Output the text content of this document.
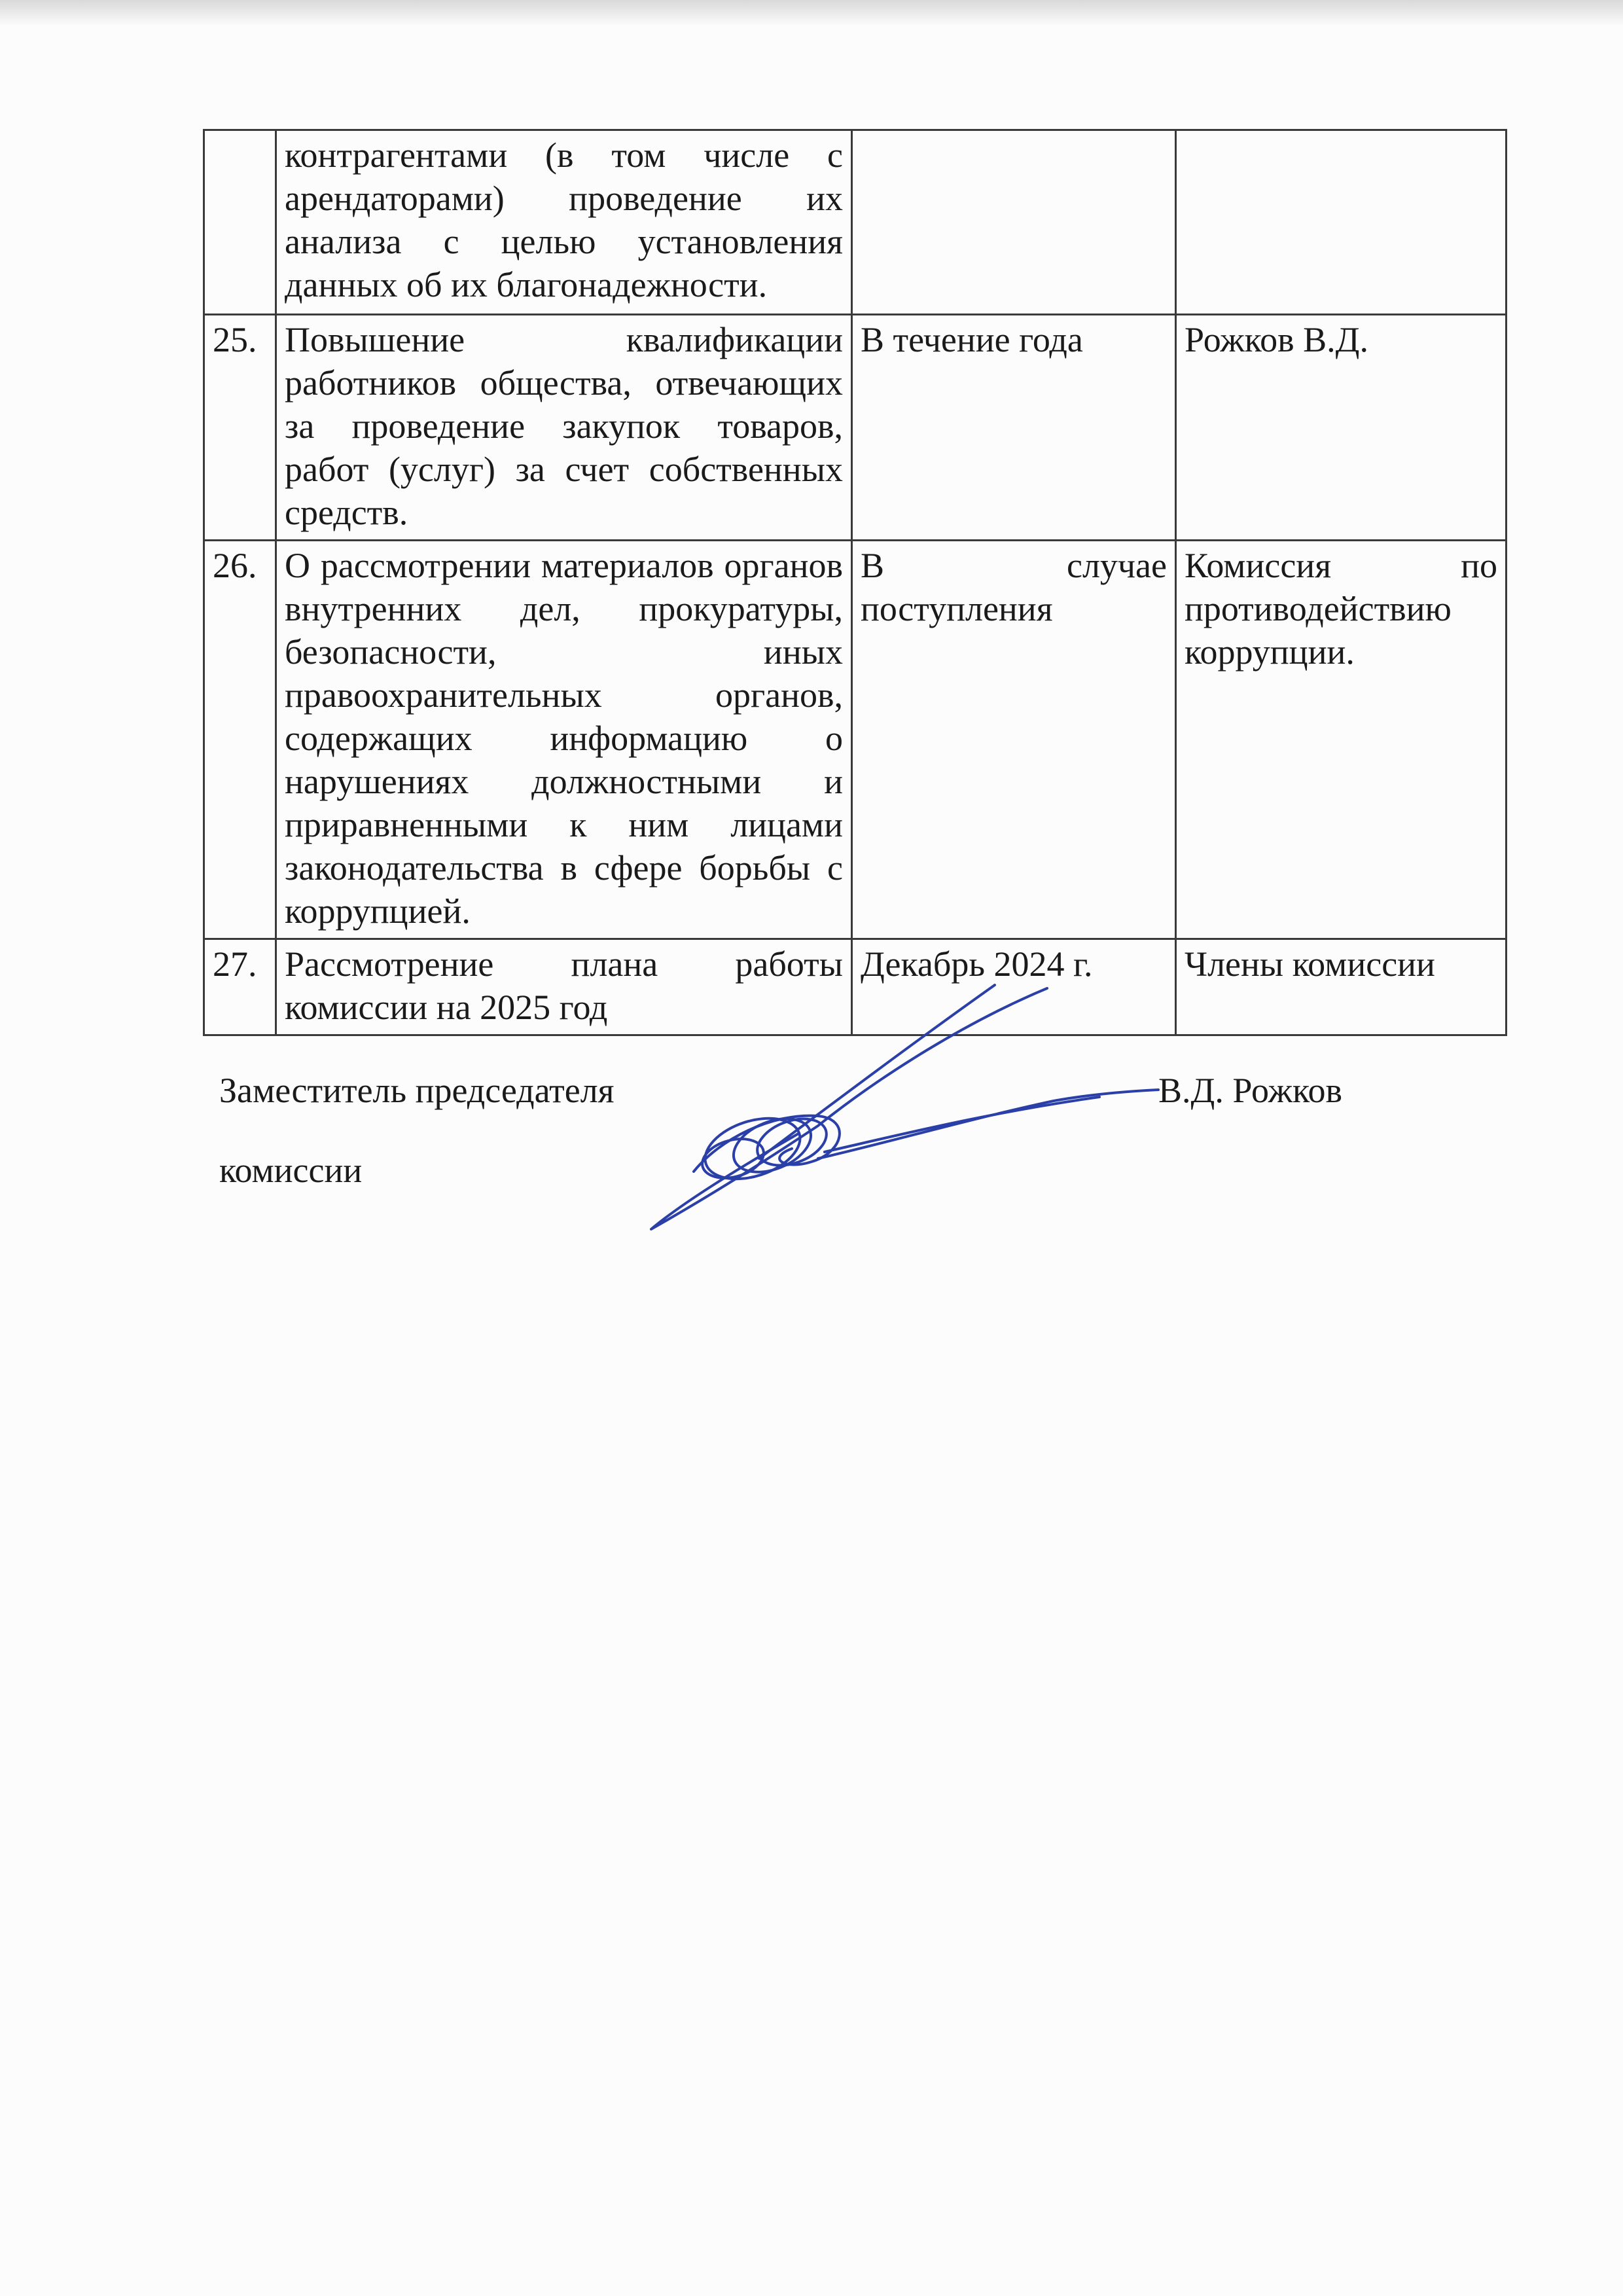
	контрагентами (в том числе с арендаторами) проведение их анализа с целью установления данных об их благонадежности.		
25.	Повышение квалификации работников общества, отвечающих за проведение закупок товаров, работ (услуг) за счет собственных средств.	В течение года	Рожков В.Д.
26.	О рассмотрении материалов органов внутренних дел, прокуратуры, безопасности, иных правоохранительных органов, содержащих информацию о нарушениях должностными и приравненными к ним лицами законодательства в сфере борьбы с коррупцией.	В случае поступления	Комиссия по противодействию коррупции.
27.	Рассмотрение плана работы комиссии на 2025 год	Декабрь 2024 г.	Члены комиссии
Заместитель председателя
комиссии
В.Д. Рожков
